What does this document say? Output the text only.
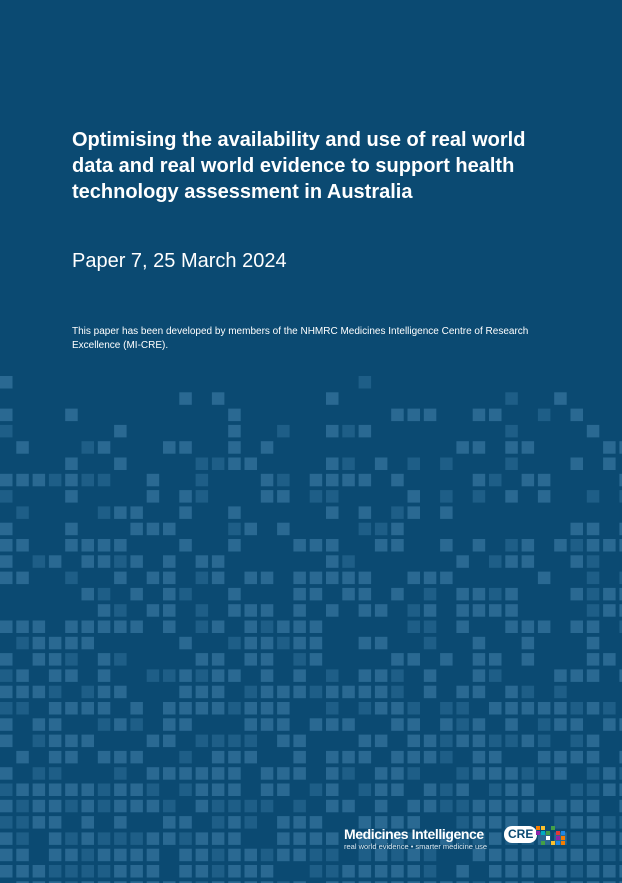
Optimising the availability and use of real world data and real world evidence to support health technology assessment in Australia

Paper 7, 25 March 2024

This paper has been developed by members of the NHMRC Medicines Intelligence Centre of Research Excellence (MI-CRE).

Medicines Intelligence	CRE
real world evidence • smarter medicine use
